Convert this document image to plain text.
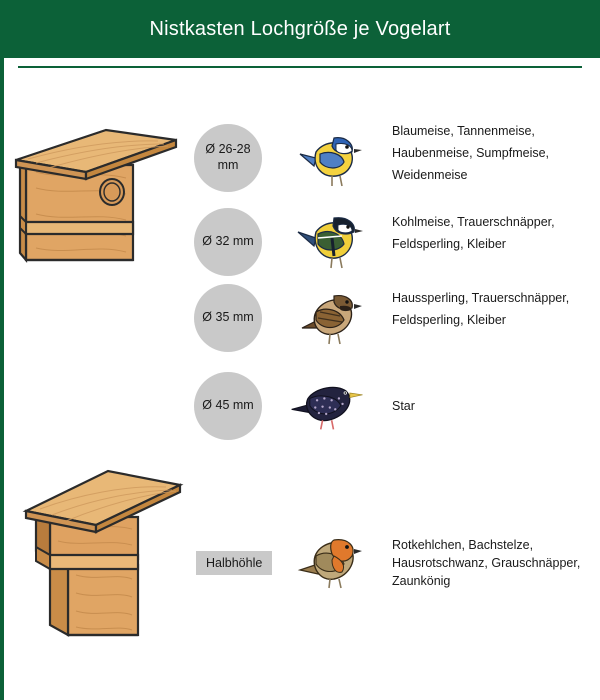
Nistkasten Lochgröße je Vogelart
Ø 26-28
mm
Blaumeise, Tannenmeise, Haubenmeise, Sumpfmeise, Weidenmeise
Ø 32 mm
Kohlmeise, Trauerschnäpper, Feldsperling, Kleiber
Ø 35 mm
Haussperling, Trauerschnäpper, Feldsperling, Kleiber
Ø 45 mm	Star
Halbhöhle
Rotkehlchen, Bachstelze, Hausrotschwanz, Grauschnäpper, Zaunkönig
